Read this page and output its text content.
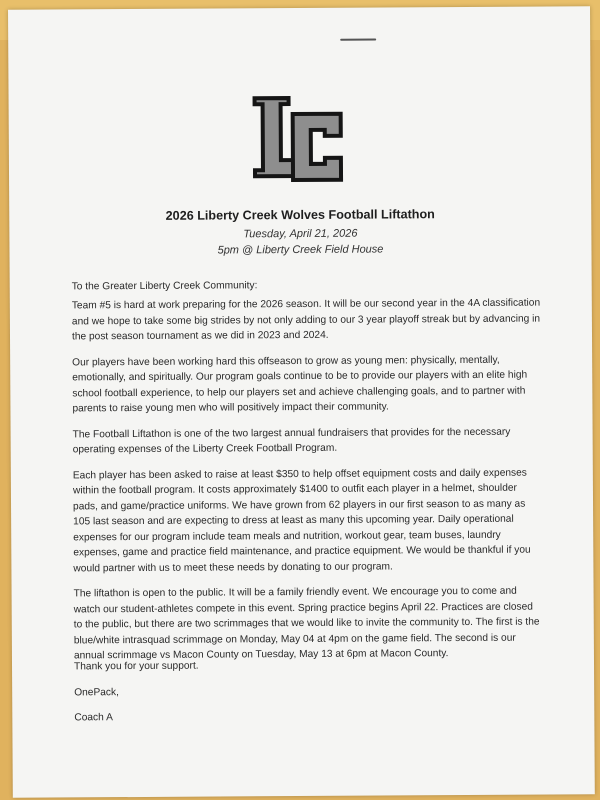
2026 Liberty Creek Wolves Football Liftathon
Tuesday, April 21, 2026
5pm @ Liberty Creek Field House
To the Greater Liberty Creek Community:

Team #5 is hard at work preparing for the 2026 season. It will be our second year in the 4A classification and we hope to take some big strides by not only adding to our 3 year playoff streak but by advancing in the post season tournament as we did in 2023 and 2024.

Our players have been working hard this offseason to grow as young men: physically, mentally, emotionally, and spiritually. Our program goals continue to be to provide our players with an elite high school football experience, to help our players set and achieve challenging goals, and to partner with parents to raise young men who will positively impact their community.

The Football Liftathon is one of the two largest annual fundraisers that provides for the necessary operating expenses of the Liberty Creek Football Program.

Each player has been asked to raise at least $350 to help offset equipment costs and daily expenses within the football program. It costs approximately $1400 to outfit each player in a helmet, shoulder pads, and game/practice uniforms. We have grown from 62 players in our first season to as many as 105 last season and are expecting to dress at least as many this upcoming year. Daily operational expenses for our program include team meals and nutrition, workout gear, team buses, laundry expenses, game and practice field maintenance, and practice equipment. We would be thankful if you would partner with us to meet these needs by donating to our program.

The liftathon is open to the public. It will be a family friendly event. We encourage you to come and watch our student-athletes compete in this event. Spring practice begins April 22. Practices are closed to the public, but there are two scrimmages that we would like to invite the community to. The first is the blue/white intrasquad scrimmage on Monday, May 04 at 4pm on the game field. The second is our annual scrimmage vs Macon County on Tuesday, May 13 at 6pm at Macon County.

Thank you for your support.
OnePack,
Coach A
